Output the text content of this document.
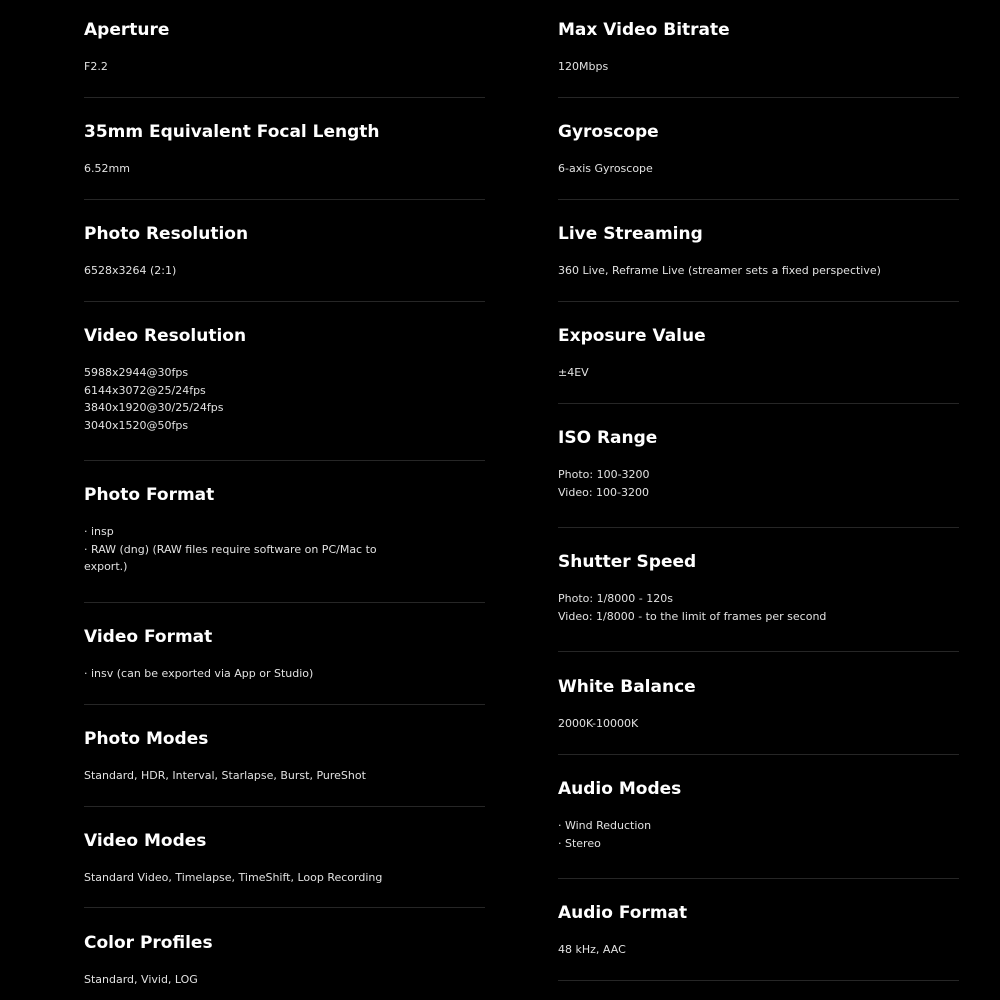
Aperture
F2.2
35mm Equivalent Focal Length
6.52mm
Photo Resolution
6528x3264 (2:1)
Video Resolution
5988x2944@30fps
6144x3072@25/24fps
3840x1920@30/25/24fps
3040x1520@50fps
Photo Format
· insp
· RAW (dng) (RAW files require software on PC/Mac to
export.)
Video Format
· insv (can be exported via App or Studio)
Photo Modes
Standard, HDR, Interval, Starlapse, Burst, PureShot
Video Modes
Standard Video, Timelapse, TimeShift, Loop Recording
Color Profiles
Standard, Vivid, LOG
Max Video Bitrate
120Mbps
Gyroscope
6-axis Gyroscope
Live Streaming
360 Live, Reframe Live (streamer sets a fixed perspective)
Exposure Value
±4EV
ISO Range
Photo: 100-3200
Video: 100-3200
Shutter Speed
Photo: 1/8000 - 120s
Video: 1/8000 - to the limit of frames per second
White Balance
2000K-10000K
Audio Modes
· Wind Reduction
· Stereo
Audio Format
48 kHz, AAC
